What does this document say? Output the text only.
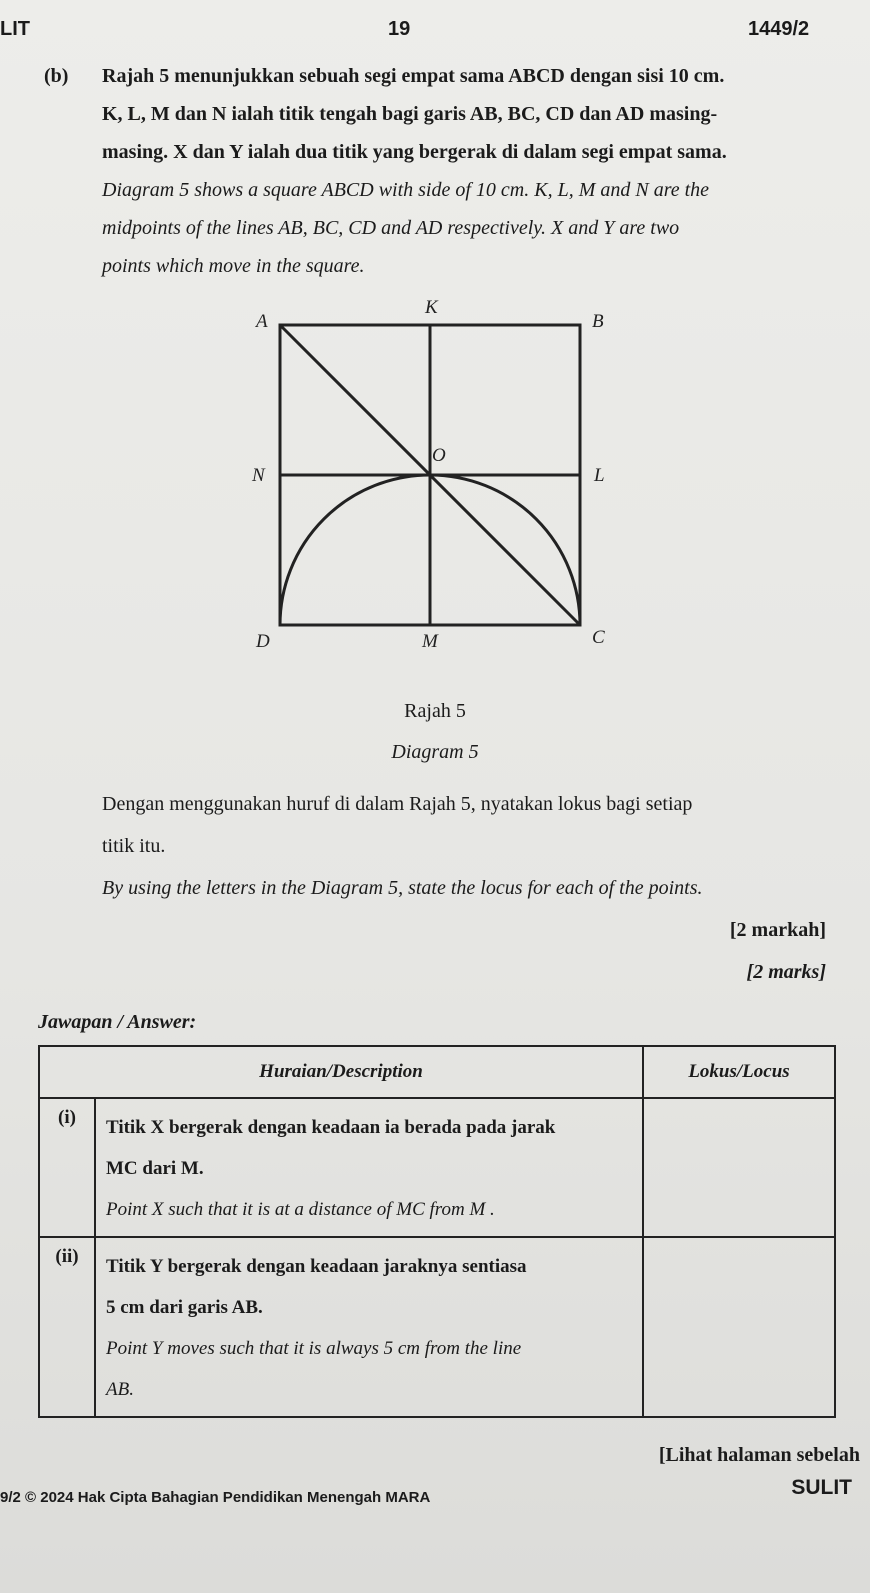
LIT	19	1449/2
(b) Rajah 5 menunjukkan sebuah segi empat sama ABCD dengan sisi 10 cm.
K, L, M dan N ialah titik tengah bagi garis AB, BC, CD dan AD masing-
masing. X dan Y ialah dua titik yang bergerak di dalam segi empat sama.
Diagram 5 shows a square ABCD with side of 10 cm. K, L, M and N are the
midpoints of the lines AB, BC, CD and AD respectively. X and Y are two
points which move in the square.
A
K
B
N
O
L
D	M	C
Rajah 5
Diagram 5
Dengan menggunakan huruf di dalam Rajah 5, nyatakan lokus bagi setiap
titik itu.
By using the letters in the Diagram 5, state the locus for each of the points.
[2 markah]
[2 marks]
Jawapan / Answer:
Huraian/Description		Lokus/Locus
(i)	Titik X bergerak dengan keadaan ia berada pada jarak
MC dari M.
Point X such that it is at a distance of MC from M .	

(ii)	Titik Y bergerak dengan keadaan jaraknya sentiasa
5 cm dari garis AB.
Point Y moves such that it is always 5 cm from the line
AB.	

[Lihat halaman sebelah
9/2 © 2024 Hak Cipta Bahagian Pendidikan Menengah MARA	SULIT
